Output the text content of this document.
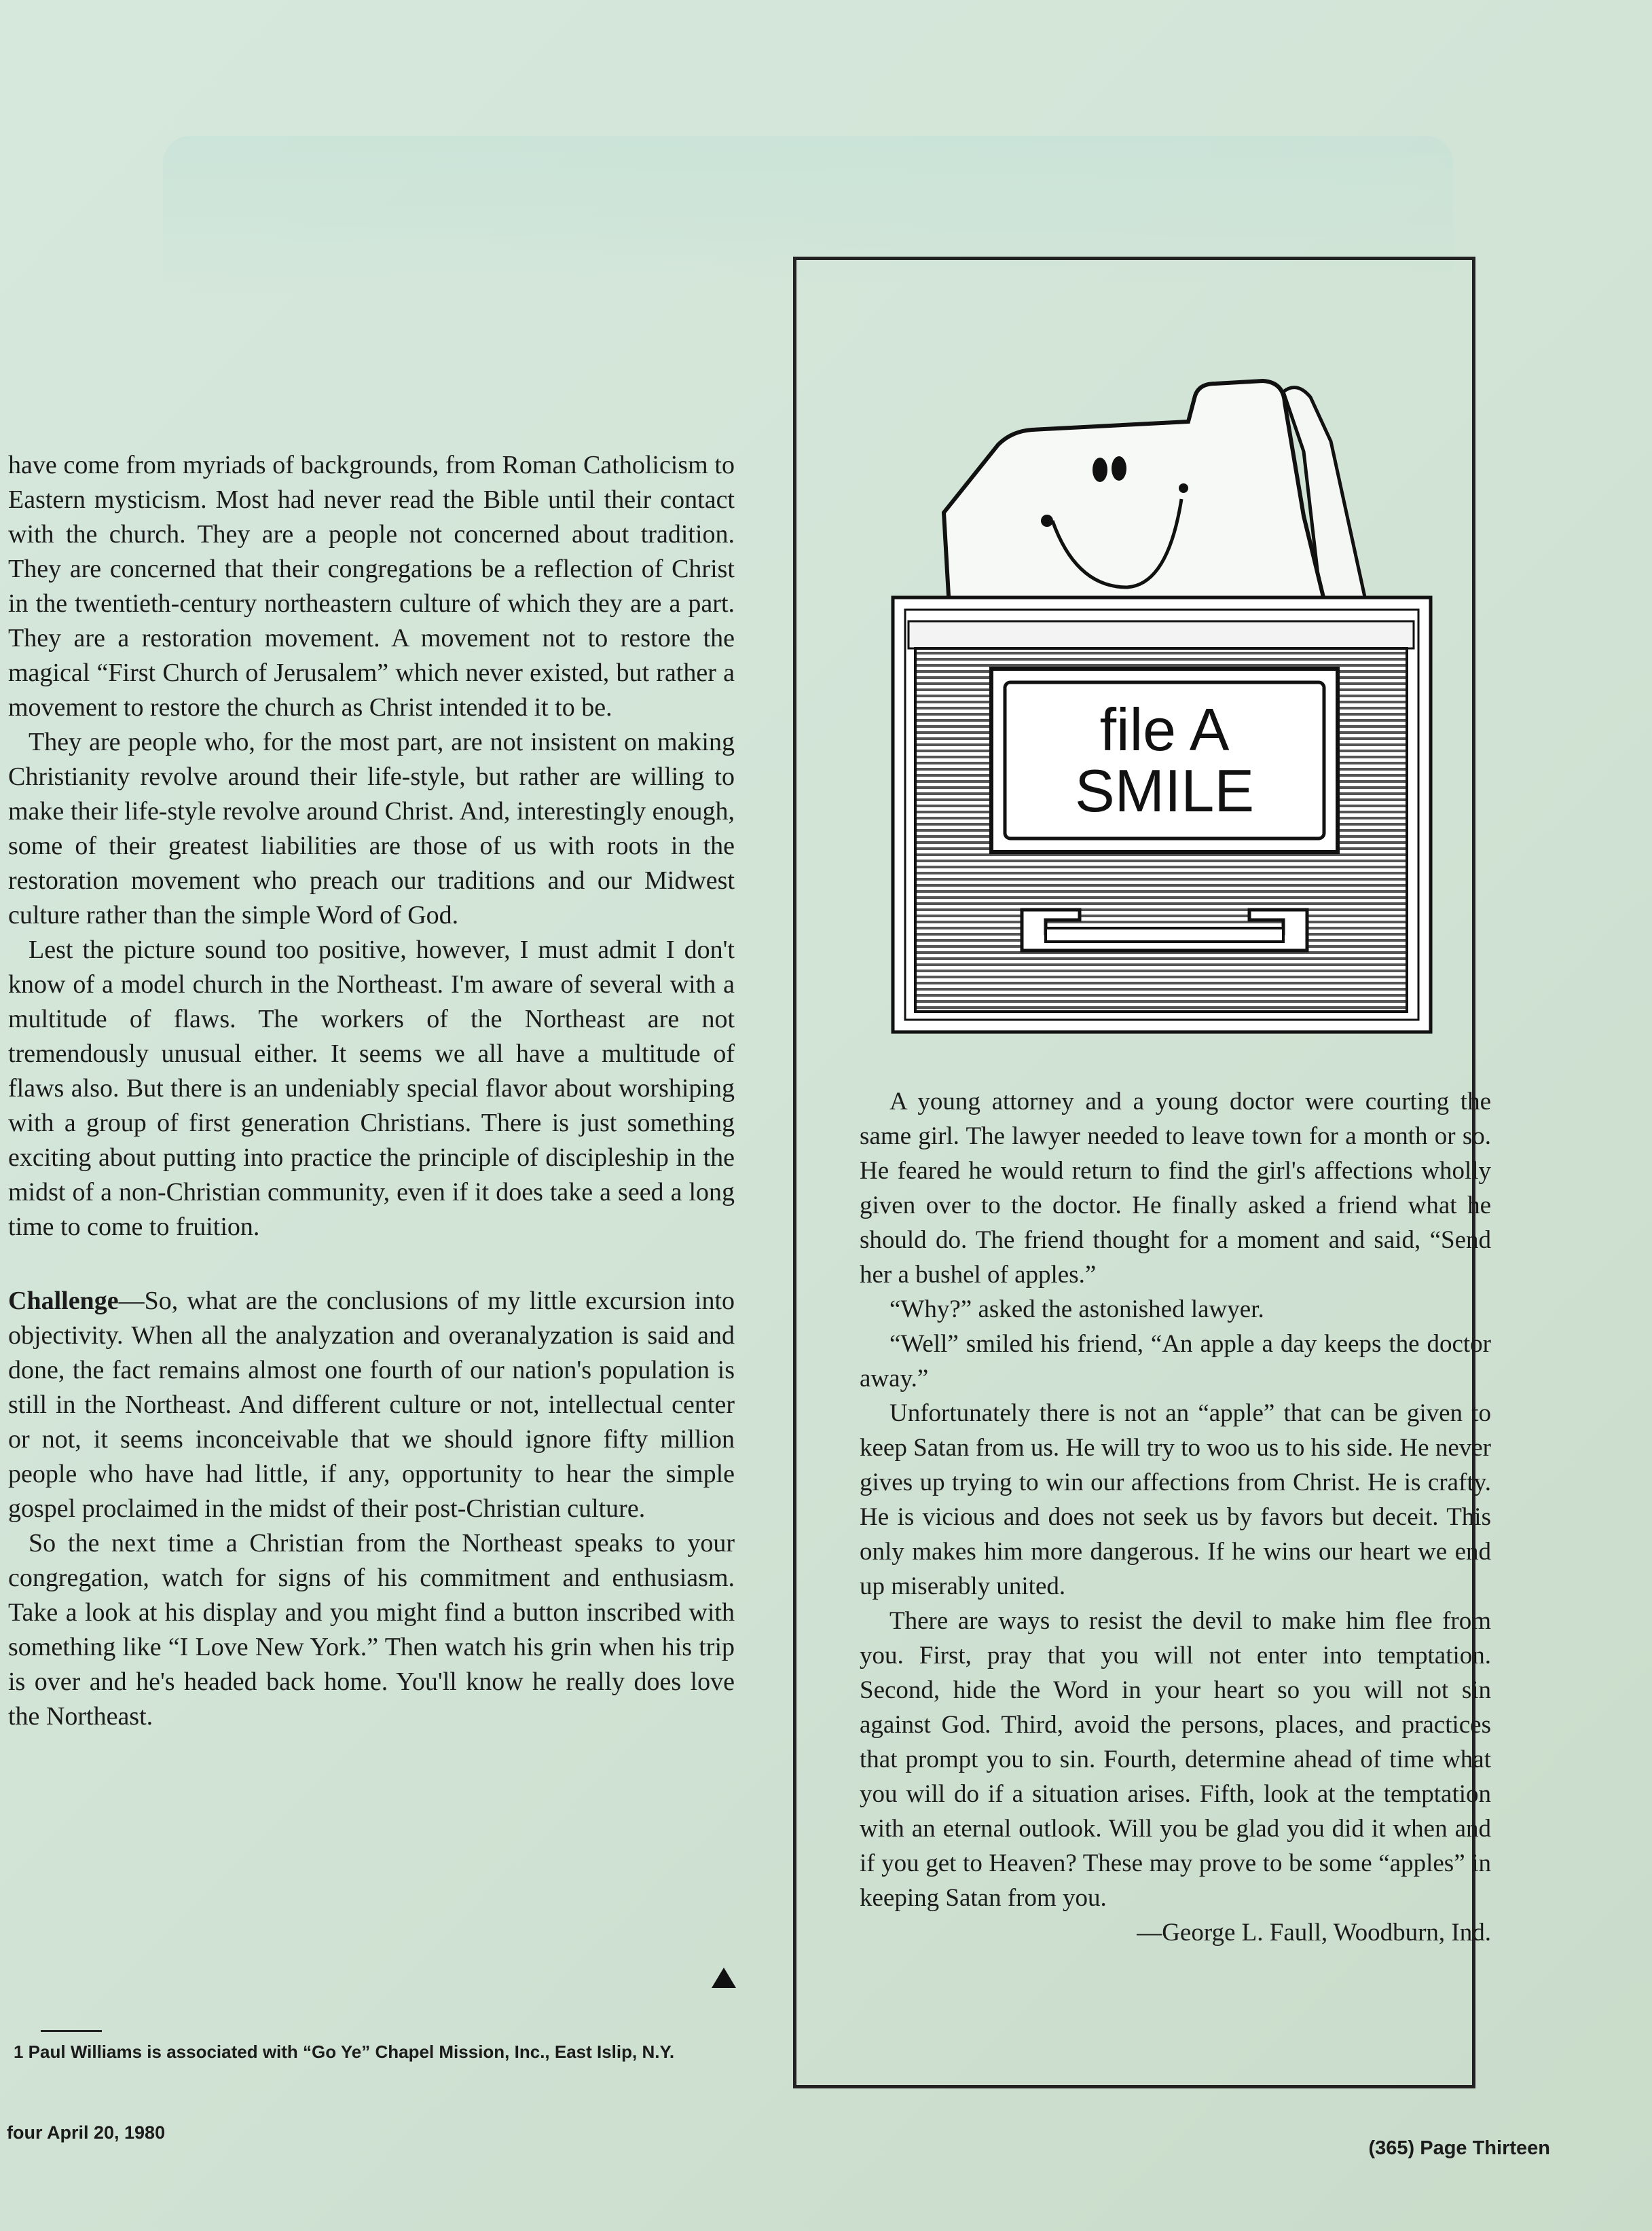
have come from myriads of backgrounds, from Roman Catholicism to Eastern mysticism. Most had never read the Bible until their contact with the church. They are a people not concerned about tradition. They are concerned that their congregations be a reflection of Christ in the twentieth-century northeastern culture of which they are a part. They are a restoration movement. A movement not to restore the magical “First Church of Jerusalem” which never existed, but rather a movement to restore the church as Christ intended it to be.

They are people who, for the most part, are not insistent on making Christianity revolve around their life-style, but rather are willing to make their life-style revolve around Christ. And, interestingly enough, some of their greatest liabilities are those of us with roots in the restoration movement who preach our traditions and our Midwest culture rather than the simple Word of God.

Lest the picture sound too positive, however, I must admit I don't know of a model church in the Northeast. I'm aware of several with a multitude of flaws. The workers of the Northeast are not tremendously unusual either. It seems we all have a multitude of flaws also. But there is an undeniably special flavor about worshiping with a group of first generation Christians. There is just something exciting about putting into practice the principle of discipleship in the midst of a non-Christian community, even if it does take a seed a long time to come to fruition.

Challenge—So, what are the conclusions of my little excursion into objectivity. When all the analyzation and overanalyzation is said and done, the fact remains almost one fourth of our nation's population is still in the Northeast. And different culture or not, intellectual center or not, it seems inconceivable that we should ignore fifty million people who have had little, if any, opportunity to hear the simple gospel proclaimed in the midst of their post-Christian culture.

So the next time a Christian from the Northeast speaks to your congregation, watch for signs of his commitment and enthusiasm. Take a look at his display and you might find a button inscribed with something like “I Love New York.” Then watch his grin when his trip is over and he's headed back home. You'll know he really does love the Northeast.

1 Paul Williams is associated with “Go Ye” Chapel Mission, Inc., East Islip, N.Y.
four April 20, 1980
(365) Page Thirteen
file A
SMILE

A young attorney and a young doctor were courting the same girl. The lawyer needed to leave town for a month or so. He feared he would return to find the girl's affections wholly given over to the doctor. He finally asked a friend what he should do. The friend thought for a moment and said, “Send her a bushel of apples.”

“Why?” asked the astonished lawyer.

“Well” smiled his friend, “An apple a day keeps the doctor away.”

Unfortunately there is not an “apple” that can be given to keep Satan from us. He will try to woo us to his side. He never gives up trying to win our affections from Christ. He is crafty. He is vicious and does not seek us by favors but deceit. This only makes him more dangerous. If he wins our heart we end up miserably united.

There are ways to resist the devil to make him flee from you. First, pray that you will not enter into temptation. Second, hide the Word in your heart so you will not sin against God. Third, avoid the persons, places, and practices that prompt you to sin. Fourth, determine ahead of time what you will do if a situation arises. Fifth, look at the temptation with an eternal outlook. Will you be glad you did it when and if you get to Heaven? These may prove to be some “apples” in keeping Satan from you.

—George L. Faull, Woodburn, Ind.
